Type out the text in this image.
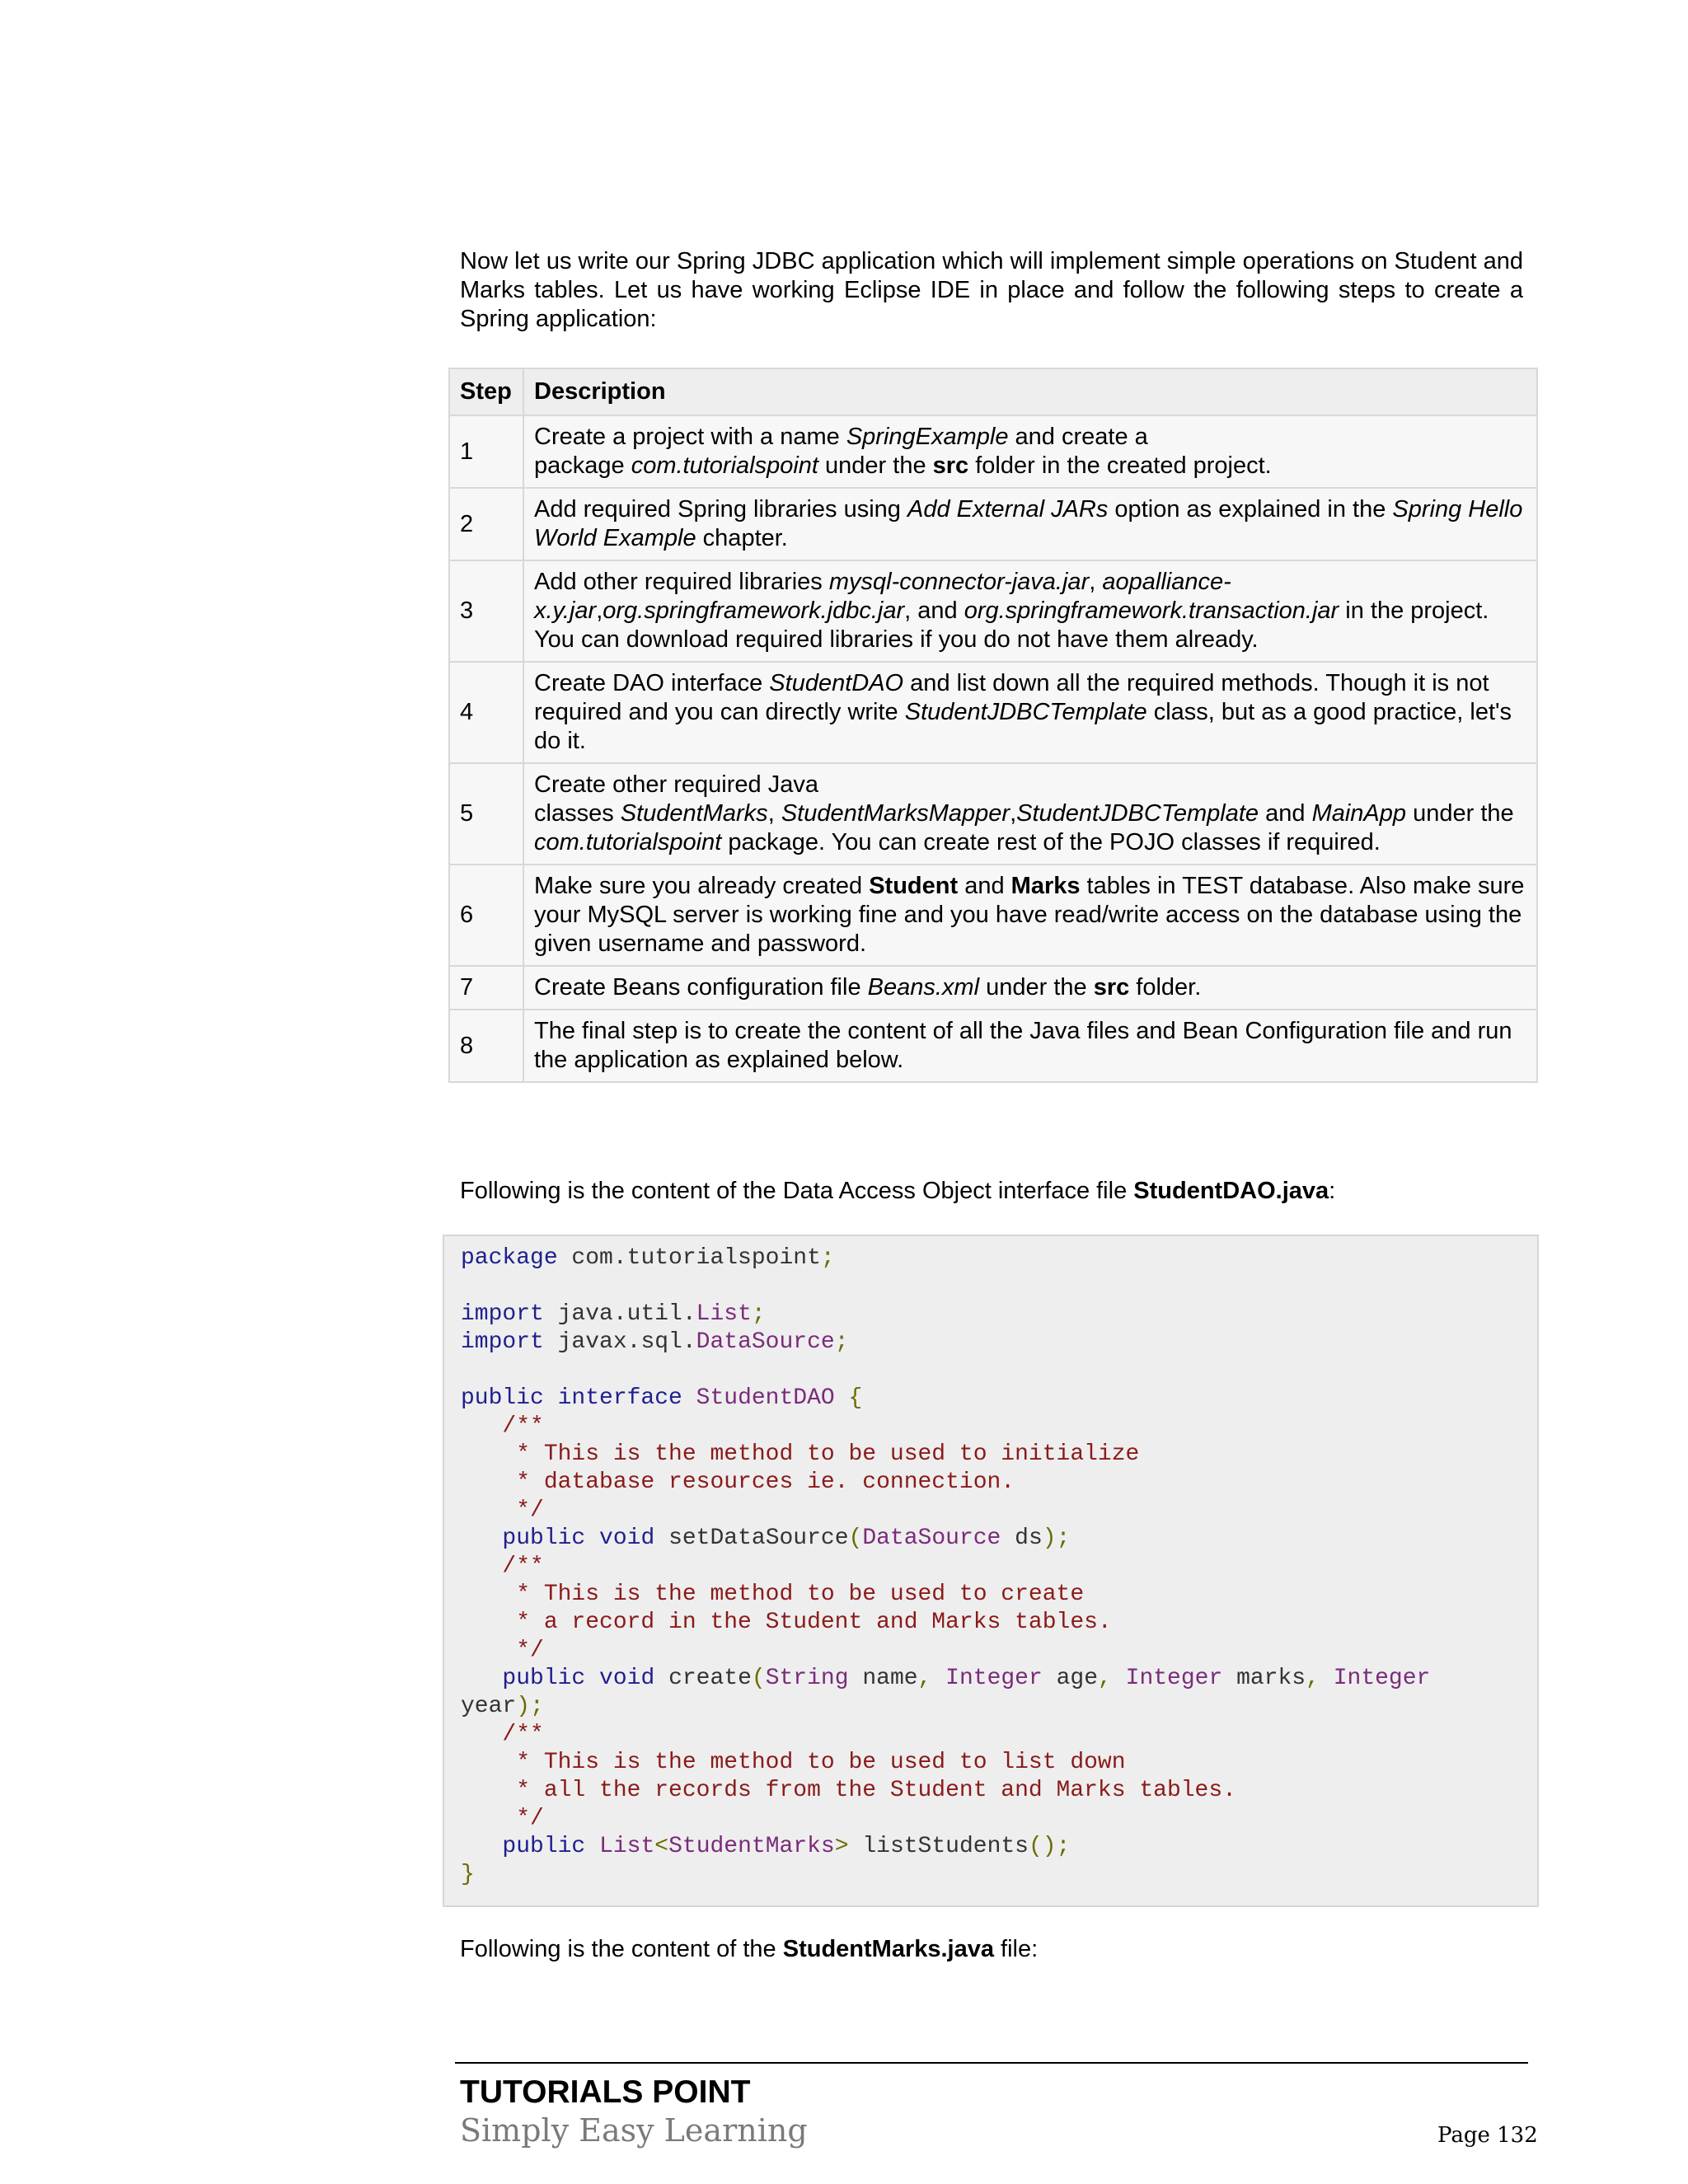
Now let us write our Spring JDBC application which will implement simple operations on Student and Marks tables. Let us have working Eclipse IDE in place and follow the following steps to create a Spring application:

Step	Description
1	Create a project with a name SpringExample and create a
package com.tutorialspoint under the src folder in the created project.
2	Add required Spring libraries using Add External JARs option as explained in the Spring Hello World Example chapter.
3	Add other required libraries mysql-connector-java.jar, aopalliance-x.y.jar,org.springframework.jdbc.jar, and org.springframework.transaction.jar in the project. You can download required libraries if you do not have them already.
4	Create DAO interface StudentDAO and list down all the required methods. Though it is not required and you can directly write StudentJDBCTemplate class, but as a good practice, let's do it.
5	Create other required Java
classes StudentMarks, StudentMarksMapper,StudentJDBCTemplate and MainApp under the com.tutorialspoint package. You can create rest of the POJO classes if required.
6	Make sure you already created Student and Marks tables in TEST database. Also make sure your MySQL server is working fine and you have read/write access on the database using the given username and password.
7	Create Beans configuration file Beans.xml under the src folder.
8	The final step is to create the content of all the Java files and Bean Configuration file and run the application as explained below.

Following is the content of the Data Access Object interface file StudentDAO.java:

package com.tutorialspoint;

import java.util.List;
import javax.sql.DataSource;

public interface StudentDAO {
/**
* This is the method to be used to initialize
* database resources ie. connection.
*/
public void setDataSource(DataSource ds);
/**
* This is the method to be used to create
* a record in the Student and Marks tables.
*/
public void create(String name, Integer age, Integer marks, Integer
year);
/**
* This is the method to be used to list down
* all the records from the Student and Marks tables.
*/
public List<StudentMarks> listStudents();
}

Following is the content of the StudentMarks.java file:

TUTORIALS POINT

Simply Easy Learning	Page 132
